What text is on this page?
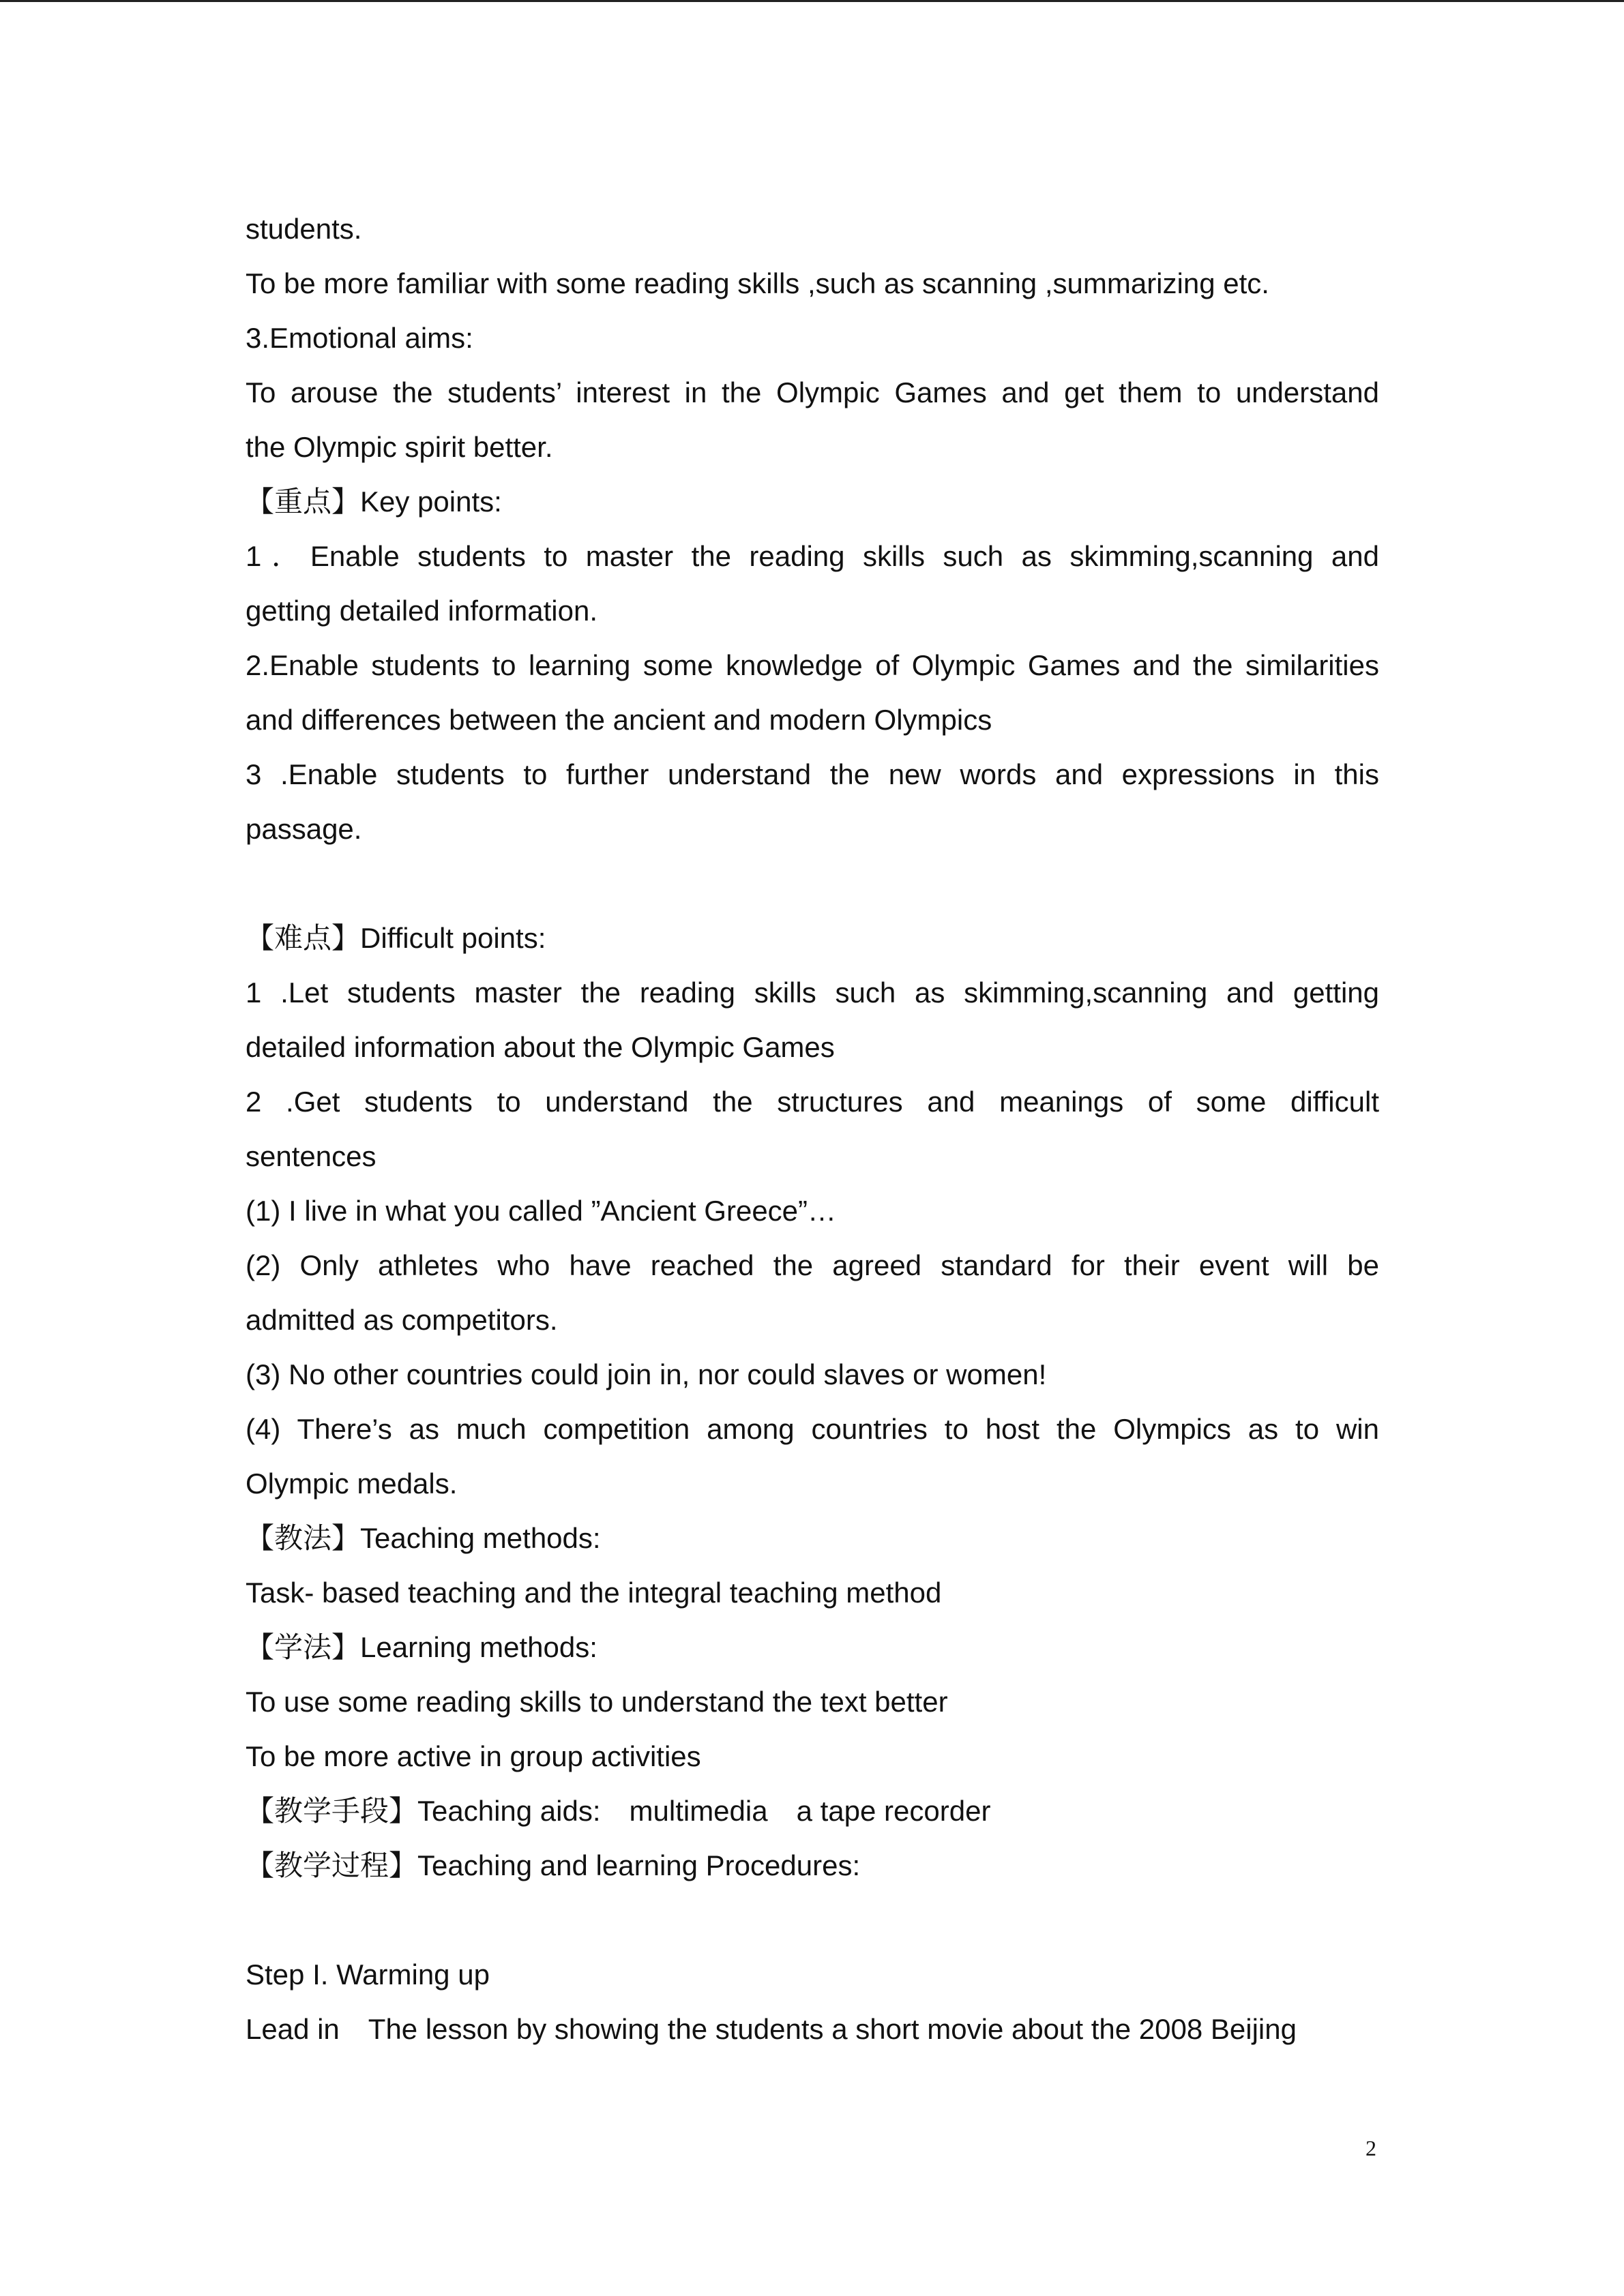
students.
To be more familiar with some reading skills ,such as scanning ,summarizing etc.
3.Emotional aims:
To arouse the students’ interest in the Olympic Games and get them to understand
the Olympic spirit better.
【重点】Key points:
1．Enable students to master the reading skills such as skimming,scanning and
getting detailed information.
2.Enable students to learning some knowledge of Olympic Games and the similarities
and differences between the ancient and modern Olympics
3 .Enable students to further understand the new words and expressions in this
passage.
【难点】Difficult points:
1 .Let students master the reading skills such as skimming,scanning and getting
detailed information about the Olympic Games
2 .Get students to understand the structures and meanings of some difficult
sentences
(1) I live in what you called ”Ancient Greece”…
(2) Only athletes who have reached the agreed standard for their event will be
admitted as competitors.
(3) No other countries could join in, nor could slaves or women!
(4) There’s as much competition among countries to host the Olympics as to win
Olympic medals.
【教法】Teaching methods:
Task- based teaching and the integral teaching method
【学法】Learning methods:
To use some reading skills to understand the text better
To be more active in group activities
【教学手段】Teaching aids:　multimedia　a tape recorder
【教学过程】Teaching and learning Procedures:
Step I. Warming up
Lead in　The lesson by showing the students a short movie about the 2008 Beijing
2
